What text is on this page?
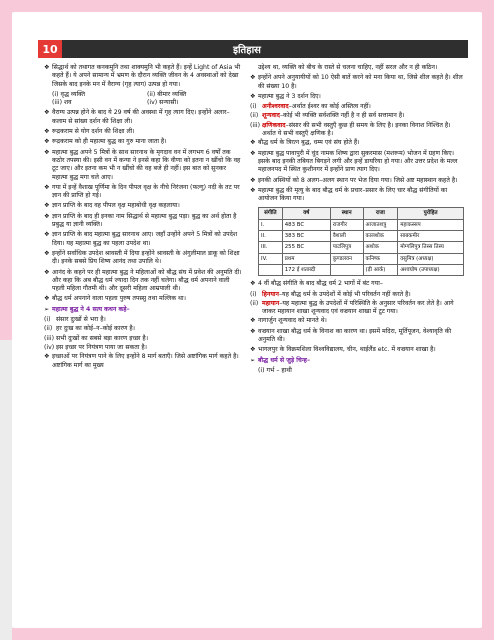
10	इतिहास
❖ सिद्धार्थ को तथागत कनकमुनि तथा शाक्यमुनि भी कहते हैं। इन्हें Light of Asia भी कहते हैं। ये अपने सामान्य में भ्रमण के दौरान व्यक्ति जीवन के 4 अवस्थाओं को देखा जिसके बाद इनके मन में वैराग्य (गृह त्याग) उत्पन्न हो गया।
(i) वृद्ध व्यक्ति	(ii) बीमार व्यक्ति
(iii) शव	(iv) सन्यासी।
❖ वैराग्य उत्पन्न होने के बाद ये 29 वर्ष की अवस्था में गृह त्याग दिए। इन्होंने अलार–कलाम से सांख्य दर्शन की शिक्षा ली।
❖ रूद्रकराम से योग दर्शन की शिक्षा ली।
❖ रूद्रकराम को ही महात्मा बुद्ध का गुरु माना जाता है।
❖ महात्मा बुद्ध अपने 5 मित्रों के साथ सारनाथ के मृगदाव वन में लगभग 6 वर्षों तक कठोर तपस्या की। इसी वन में कन्या ने इनसे कहा कि वीणा को इतना न खींचो कि वह टूट जाए। और इतना कम भी न खींचो की वह बजे ही नहीं। इस बात को सुनकर महात्मा बुद्ध मगा चले आए।
❖ गया में इन्हें वैशाख पूर्णिमा के दिन पीपल वृक्ष के नीचे निरंजना (फल्गु) नदी के तट पर ज्ञान की प्राप्ति हो गई।
❖ ज्ञान प्राप्ति के बाद वह पीपल वृक्ष महाबोधी वृक्ष कहलाया।
❖ ज्ञान प्राप्ति के बाद ही इनका नाम सिद्धार्थ से महात्मा बुद्ध पड़ा। बुद्ध का अर्थ होता है प्रबुद्ध या ज्ञानी व्यक्ति।
❖ ज्ञान प्राप्ति के बाद महात्मा बुद्ध सारनाथ आए। जहाँ उन्होंने अपने 5 मित्रों को उपदेश दिया। यह महात्मा बुद्ध का पहला उपदेश था।
❖ इन्होंने सर्वाधिक उपदेश श्रावस्ती में दिया इन्होंने श्रावस्ती के अंगुलीमाल डाकू को शिक्षा दी। इनके सबसे प्रिय शिष्य आनंद तथा उपालि थे।
❖ आनंद के कहने पर ही महात्मा बुद्ध ने महिलाओं को बौद्ध संघ में प्रवेश की अनुमति दी। और कहा कि अब बौद्ध धर्म ज्यादा दिन तक नहीं चलेगा। बौद्ध धर्म अपनाने वाली पहली महिला गौतमी थी। और दूसरी महिला आम्रपाली थी।
❖ बौद्ध धर्म अपनाने वाला पहला पुरुष तपस्सु तथा मल्लिक था।
➢ महात्मा बुद्ध ने 4 सत्य कथन कहे–
(i) संसार दुःखों से भरा है।
(ii) हर दुःख का कोई–न–कोई कारण है।
(iii) सभी दुःखों का सबसे बड़ा कारण इच्छा है।
(iv) इस इच्छा पर नियंत्रण पाया जा सकता है।
❖ इच्छाओं पर नियंत्रण पाने के लिए इन्होंने 8 मार्ग बताएँ। जिसे अष्टांगिक मार्ग कहते है। अष्टांगिक मार्ग का मुख्य
उद्देश्य था, व्यक्ति को बीच के रास्ते से चलना चाहिए, नहीं सरल और न ही कठिन।
❖ इन्होंने अपने अनुयायीयों को 10 ऐसी बातें करने को मना किया था, जिसे शील कहते है। शील की संख्या 10 है।
❖ महात्मा बुद्ध ने 3 दर्शन दिए।
(i) अनीश्वरवाद–अर्थात ईश्वर का कोई अस्तित्व नहीं।
(ii) शून्यवाद–कोई भी व्यक्ति सर्वशक्ति नहीं है न ही सर्व सत्तामान है।
(iii) क्षणिकवाद–संसार की सभी वस्तुएँ कुछ ही समय के लिए है। इनका विनाश निश्चित है। अर्थात ये सभी वस्तुएँ क्षणिक है।
❖ बौद्ध धर्म के त्रिरत्न बुद्ध, धम्म एवं संघ होते हैं।
❖ महात्मा बुद्ध पावापुरी में चुंद नामक शिष्य द्वारा सुकरमास (मशरूम) भोजन में ग्रहण किए। इसके बाद इनकी तबियत बिगड़ने लगी और इन्हें डायरिया हो गया। और उत्तर प्रदेश के मल्ल महाजनपद में स्थित कुशीनगर में इन्होंने प्राण त्याग दिए।
❖ इनकी अस्थियों को 8 अलग–अलग स्थान पर भेज दिया गया। जिसे अष्ट महास्थान कहते है।
❖ महात्मा बुद्ध की मृत्यु के बाद बौद्ध धर्म के प्रचार–प्रसार के लिए चार बौद्ध संगीतियों का आयोजन किया गया।
संगीति	वर्ष	स्थान	राजा	पुरोहित
I.	483 BC	राजगीर	आजातशत्रु	महाकस्सप
II.	383 BC	वैशाली	कालशोक	साबकमीर
III.	255 BC	पाटलिपुत्र	अशोक	मोग्गलिपुत्र तिस्स तिस्य
IV.	प्रथम	कुण्डलवन	कनिष्क	वसुमित्र (अध्यक्ष)
	172 ई शताब्दी		(ड़ी आर्क)	अश्वघोष (उपाध्यक्ष)
❖ 4 वीं बौद्ध संगीति के बाद बौद्ध धर्म 2 भागों में बंट गया–
(i) हिनयान–यह बौद्ध धर्म के उपदेशों में कोई भी परिवर्तन नहीं करते है।
(ii) महायान–यह महात्मा बुद्ध के उपदेशों में परिस्थिति के अनुसार परिवर्तन कर लेते है। आगे जाकर महायान शाखा शून्यवाद एवं वज्रयान शाखा में टूट गया।
❖ नागार्जुन शून्यवाद को मानते थे।
❖ वज्रयान शाखा बौद्ध धर्म के विनाश का कारण था। इसमें मदिरा, मूर्तिपूजन, वेश्यावृति की अनुमति थी।
❖ भागलपुर के विक्रमशिला विश्वविद्यालय, चीन, थाईलैंड etc. में वज्रयान शाखा है।
➢ बौद्ध धर्म से जुड़े चिन्ह–
(i) गर्भ – हाथी
